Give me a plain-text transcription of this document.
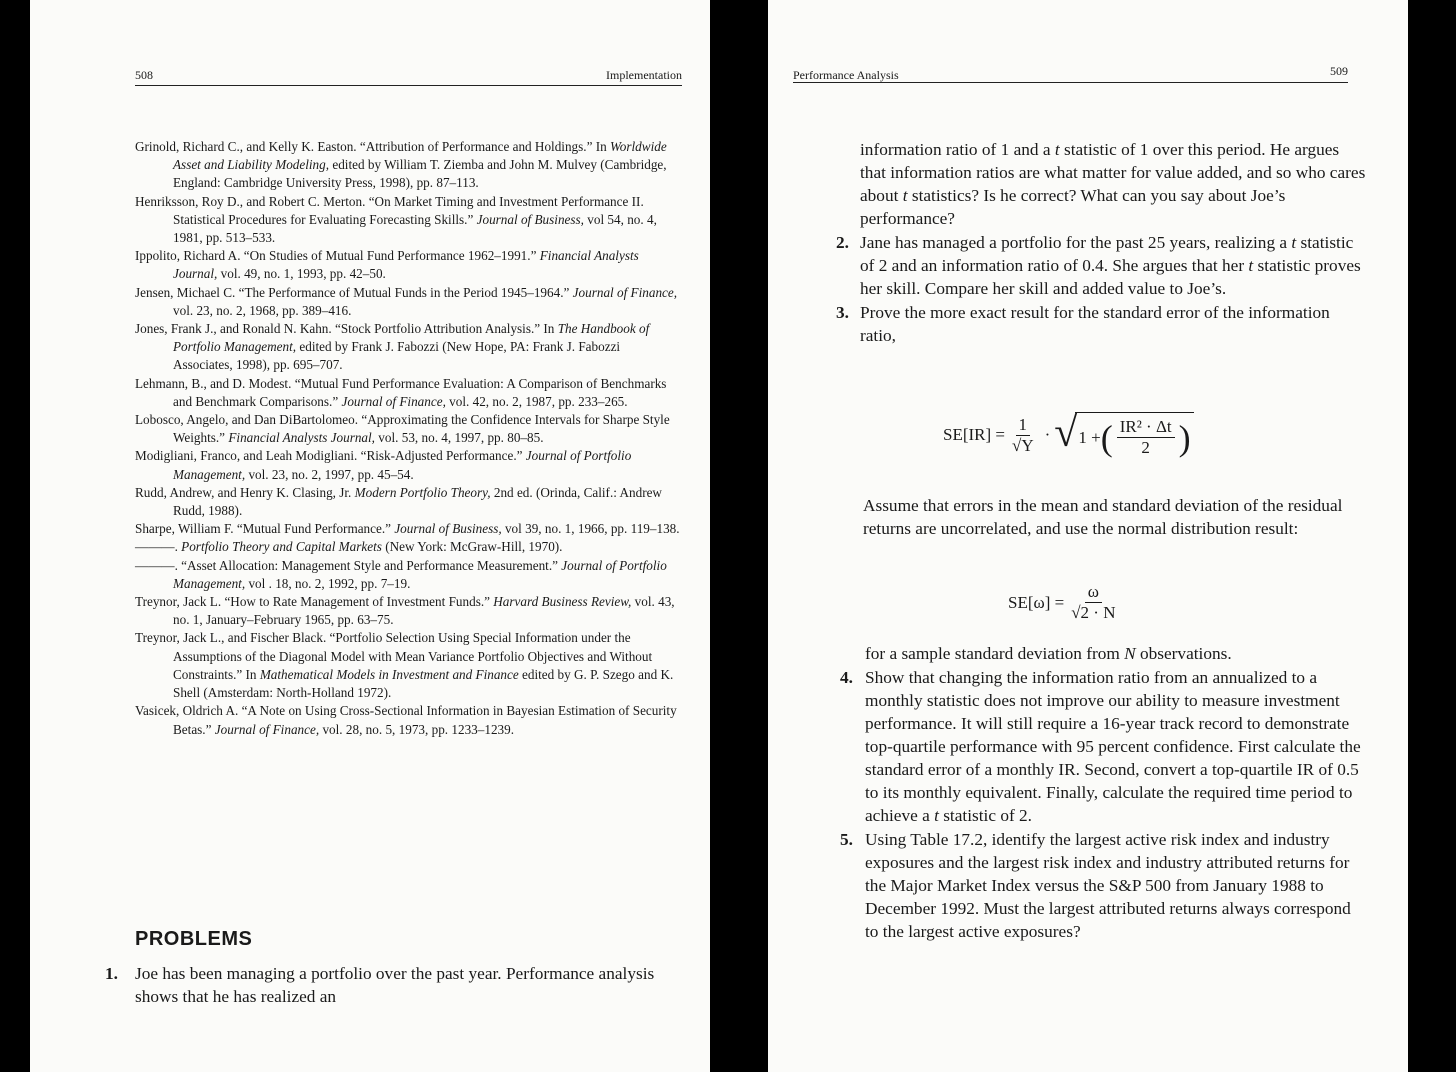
508	Implementation

Grinold, Richard C., and Kelly K. Easton. “Attribution of Performance and Holdings.” In Worldwide Asset and Liability Modeling, edited by William T. Ziemba and John M. Mulvey (Cambridge, England: Cambridge University Press, 1998), pp. 87–113.

Henriksson, Roy D., and Robert C. Merton. “On Market Timing and Investment Performance II. Statistical Procedures for Evaluating Forecasting Skills.” Journal of Business, vol 54, no. 4, 1981, pp. 513–533.

Ippolito, Richard A. “On Studies of Mutual Fund Performance 1962–1991.” Financial Analysts Journal, vol. 49, no. 1, 1993, pp. 42–50.

Jensen, Michael C. “The Performance of Mutual Funds in the Period 1945–1964.” Journal of Finance, vol. 23, no. 2, 1968, pp. 389–416.

Jones, Frank J., and Ronald N. Kahn. “Stock Portfolio Attribution Analysis.” In The Handbook of Portfolio Management, edited by Frank J. Fabozzi (New Hope, PA: Frank J. Fabozzi Associates, 1998), pp. 695–707.

Lehmann, B., and D. Modest. “Mutual Fund Performance Evaluation: A Comparison of Benchmarks and Benchmark Comparisons.” Journal of Finance, vol. 42, no. 2, 1987, pp. 233–265.

Lobosco, Angelo, and Dan DiBartolomeo. “Approximating the Confidence Intervals for Sharpe Style Weights.” Financial Analysts Journal, vol. 53, no. 4, 1997, pp. 80–85.

Modigliani, Franco, and Leah Modigliani. “Risk-Adjusted Performance.” Journal of Portfolio Management, vol. 23, no. 2, 1997, pp. 45–54.

Rudd, Andrew, and Henry K. Clasing, Jr. Modern Portfolio Theory, 2nd ed. (Orinda, Calif.: Andrew Rudd, 1988).

Sharpe, William F. “Mutual Fund Performance.” Journal of Business, vol 39, no. 1, 1966, pp. 119–138.

———. Portfolio Theory and Capital Markets (New York: McGraw-Hill, 1970).

———. “Asset Allocation: Management Style and Performance Measurement.” Journal of Portfolio Management, vol . 18, no. 2, 1992, pp. 7–19.

Treynor, Jack L. “How to Rate Management of Investment Funds.” Harvard Business Review, vol. 43, no. 1, January–February 1965, pp. 63–75.

Treynor, Jack L., and Fischer Black. “Portfolio Selection Using Special Information under the Assumptions of the Diagonal Model with Mean Variance Portfolio Objectives and Without Constraints.” In Mathematical Models in Investment and Finance edited by G. P. Szego and K. Shell (Amsterdam: North-Holland 1972).

Vasicek, Oldrich A. “A Note on Using Cross-Sectional Information in Bayesian Estimation of Security Betas.” Journal of Finance, vol. 28, no. 5, 1973, pp. 1233–1239.

PROBLEMS

1. Joe has been managing a portfolio over the past year. Performance analysis shows that he has realized an

Performance Analysis	509

information ratio of 1 and a t statistic of 1 over this period. He argues that information ratios are what matter for value added, and so who cares about t statistics? Is he correct? What can you say about Joe’s performance?

2. Jane has managed a portfolio for the past 25 years, realizing a t statistic of 2 and an information ratio of 0.4. She argues that her t statistic proves her skill. Compare her skill and added value to Joe’s.

3. Prove the more exact result for the standard error of the information ratio,

$SE[IR] = \frac{1}{√Y}$ · √ 1 + ( $\frac{\text{IR² · Δt}}{2}$ )
Assume that errors in the mean and standard deviation of the residual returns are uncorrelated, and use the normal distribution result:
$SE[\omega] = \frac{\omega}{√2 \cdot N}$

for a sample standard deviation from N observations.

4. Show that changing the information ratio from an annualized to a monthly statistic does not improve our ability to measure investment performance. It will still require a 16-year track record to demonstrate top-quartile performance with 95 percent confidence. First calculate the standard error of a monthly IR. Second, convert a top-quartile IR of 0.5 to its monthly equivalent. Finally, calculate the required time period to achieve a t statistic of 2.

5. Using Table 17.2, identify the largest active risk index and industry exposures and the largest risk index and industry attributed returns for the Major Market Index versus the S&P 500 from January 1988 to December 1992. Must the largest attributed returns always correspond to the largest active exposures?
